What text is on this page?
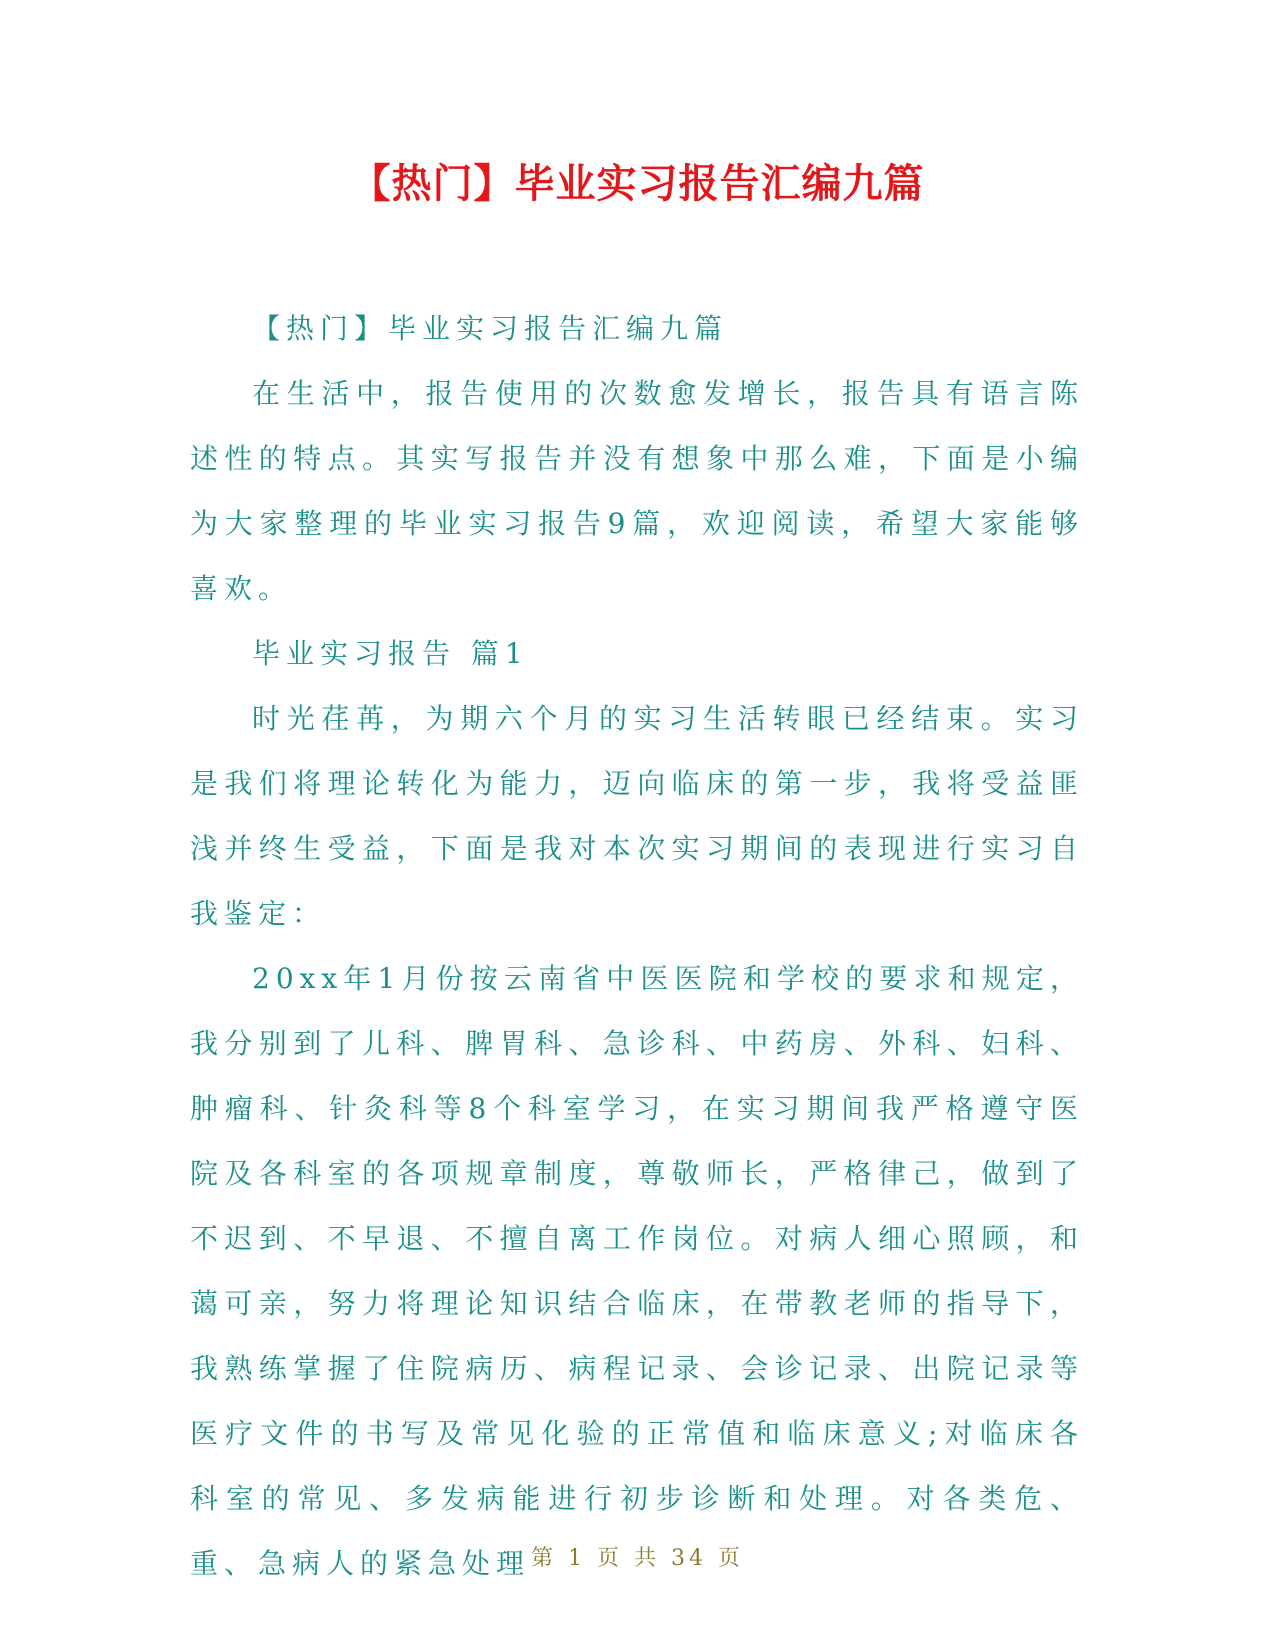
【热门】毕业实习报告汇编九篇

【热门】毕业实习报告汇编九篇

在生活中，报告使用的次数愈发增长，报告具有语言陈述性的特点。其实写报告并没有想象中那么难，下面是小编为大家整理的毕业实习报告9篇，欢迎阅读，希望大家能够喜欢。

毕业实习报告 篇1

时光荏苒，为期六个月的实习生活转眼已经结束。实习是我们将理论转化为能力，迈向临床的第一步，我将受益匪浅并终生受益，下面是我对本次实习期间的表现进行实习自我鉴定：

20xx年1月份按云南省中医医院和学校的要求和规定，我分别到了儿科、脾胃科、急诊科、中药房、外科、妇科、肿瘤科、针灸科等8个科室学习，在实习期间我严格遵守医院及各科室的各项规章制度，尊敬师长，严格律己，做到了不迟到、不早退、不擅自离工作岗位。对病人细心照顾，和蔼可亲，努力将理论知识结合临床，在带教老师的指导下，我熟练掌握了住院病历、病程记录、会诊记录、出院记录等医疗文件的书写及常见化验的正常值和临床意义;对临床各科室的常见、多发病能进行初步诊断和处理。对各类危、重、急病人的紧急处理 第 1 页 共 34 页
